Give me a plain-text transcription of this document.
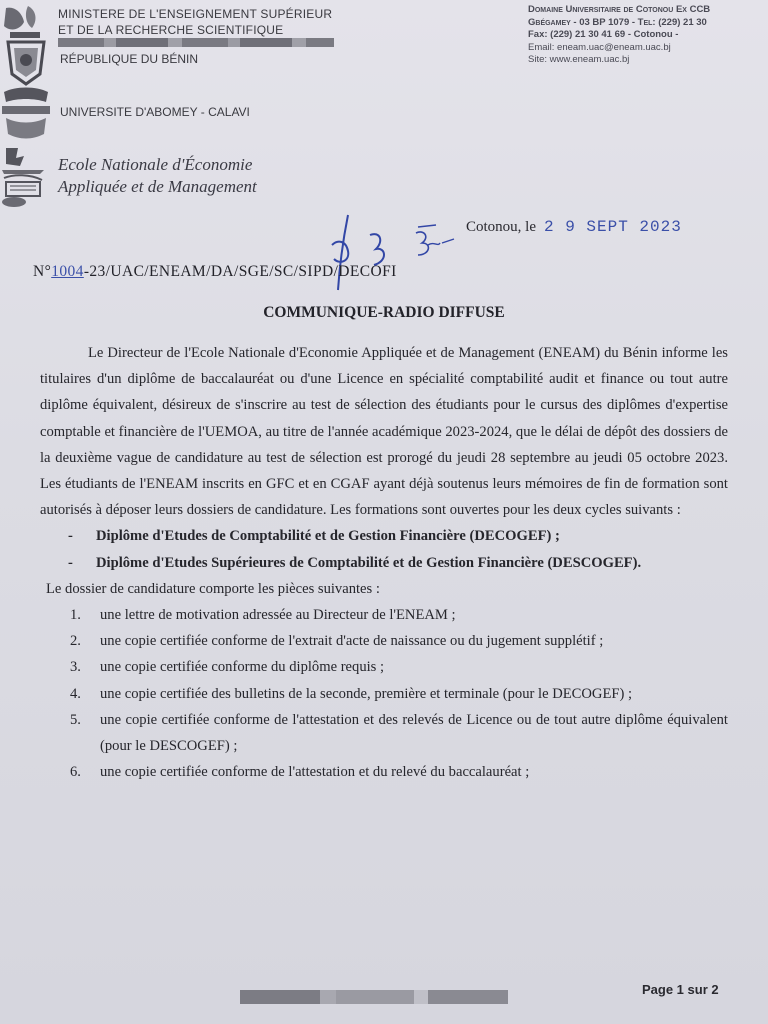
MINISTERE DE L'ENSEIGNEMENT SUPÉRIEUR
ET DE LA RECHERCHE SCIENTIFIQUE
RÉPUBLIQUE DU BÉNIN
UNIVERSITE D'ABOMEY - CALAVI
Ecole Nationale d'Économie
Appliquée et de Management
Domaine Universitaire de Cotonou Ex CCB
Gbégamey - 03 BP 1079 - Tel: (229) 21 30
Fax: (229) 21 30 41 69 - Cotonou -
Email: eneam.uac@eneam.uac.bj
Site: www.eneam.uac.bj
Cotonou, le 2 9 SEPT 2023
N°1004-23/UAC/ENEAM/DA/SGE/SC/SIPD/DECOFI
COMMUNIQUE-RADIO DIFFUSE

Le Directeur de l'Ecole Nationale d'Economie Appliquée et de Management (ENEAM) du Bénin informe les titulaires d'un diplôme de baccalauréat ou d'une Licence en spécialité comptabilité audit et finance ou tout autre diplôme équivalent, désireux de s'inscrire au test de sélection des étudiants pour le cursus des diplômes d'expertise comptable et financière de l'UEMOA, au titre de l'année académique 2023-2024, que le délai de dépôt des dossiers de la deuxième vague de candidature au test de sélection est prorogé du jeudi 28 septembre au jeudi 05 octobre 2023. Les étudiants de l'ENEAM inscrits en GFC et en CGAF ayant déjà soutenus leurs mémoires de fin de formation sont autorisés à déposer leurs dossiers de candidature. Les formations sont ouvertes pour les deux cycles suivants :

- Diplôme d'Etudes de Comptabilité et de Gestion Financière (DECOGEF) ;
- Diplôme d'Etudes Supérieures de Comptabilité et de Gestion Financière (DESCOGEF).

Le dossier de candidature comporte les pièces suivantes :

1. une lettre de motivation adressée au Directeur de l'ENEAM ;
2. une copie certifiée conforme de l'extrait d'acte de naissance ou du jugement supplétif ;
3. une copie certifiée conforme du diplôme requis ;
4. une copie certifiée des bulletins de la seconde, première et terminale (pour le DECOGEF) ;
5. une copie certifiée conforme de l'attestation et des relevés de Licence ou de tout autre diplôme équivalent (pour le DESCOGEF) ;
6. une copie certifiée conforme de l'attestation et du relevé du baccalauréat ;
Page 1 sur 2
